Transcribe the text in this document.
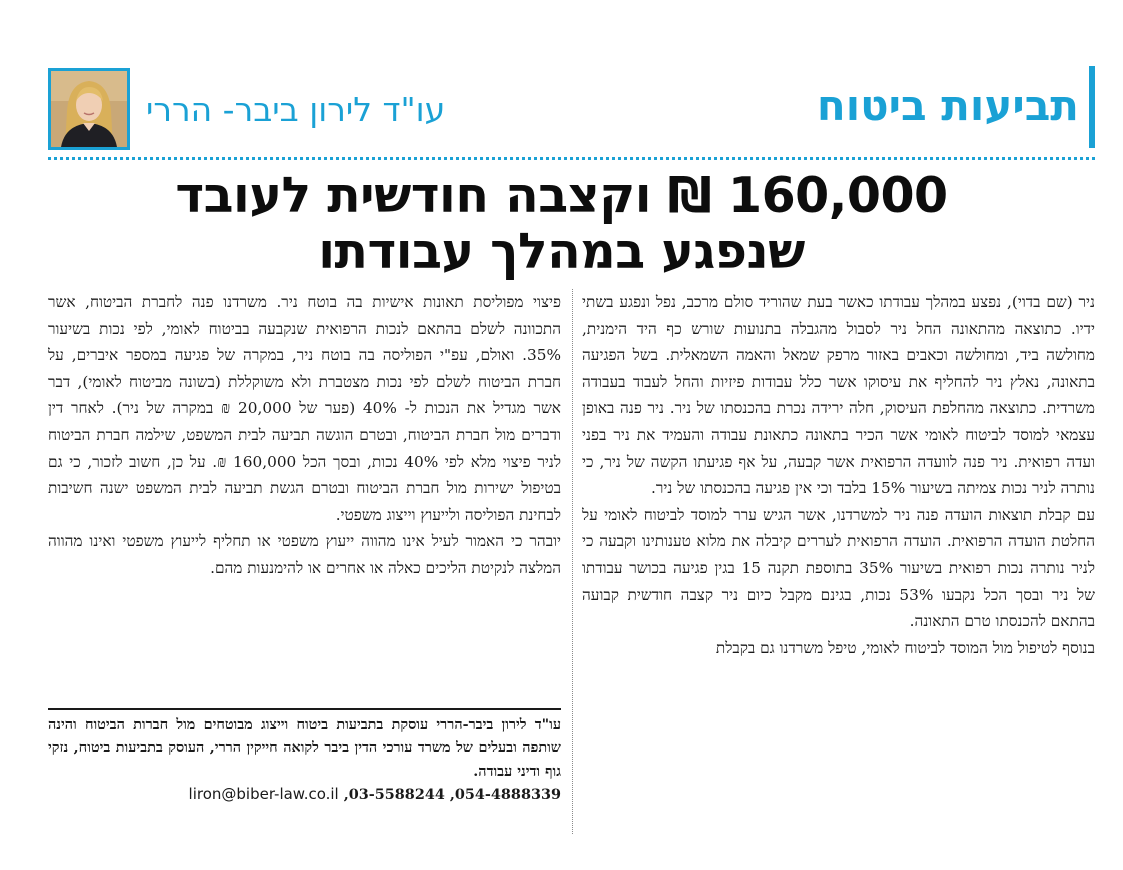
תביעות ביטוח
עו"ד לירון ביבר- הררי
160,000 ₪ וקצבה חודשית לעובד
שנפגע במהלך עבודתו

ניר (שם בדוי), נפצע במהלך עבודתו כאשר בעת שהוריד סולם מרכב, נפל ונפגע בשתי ידיו. כתוצאה מהתאונה החל ניר לסבול מהגבלה בתנועות שורש כף היד הימנית, מחולשה ביד, ומחולשה וכאבים באזור מרפק שמאל והאמה השמאלית. בשל הפגיעה בתאונה, נאלץ ניר להחליף את עיסוקו אשר כלל עבודות פיזיות והחל לעבוד בעבודה משרדית. כתוצאה מהחלפת העיסוק, חלה ירידה נכרת בהכנסתו של ניר. ניר פנה באופן עצמאי למוסד לביטוח לאומי אשר הכיר בתאונה כתאונת עבודה והעמיד את ניר בפני ועדה רפואית. ניר פנה לוועדה הרפואית אשר קבעה, על אף פגיעתו הקשה של ניר, כי נותרה לניר נכות צמיתה בשיעור 15% בלבד וכי אין פגיעה בהכנסתו של ניר.

עם קבלת תוצאות הועדה פנה ניר למשרדנו, אשר הגיש ערר למוסד לביטוח לאומי על החלטת הועדה הרפואית. הועדה הרפואית לעררים קיבלה את מלוא טענותינו וקבעה כי לניר נותרה נכות רפואית בשיעור 35% בתוספת תקנה 15 בגין פגיעה בכושר עבודתו של ניר ובסך הכל נקבעו 53% נכות, בגינם מקבל כיום ניר קצבה חודשית קבועה בהתאם להכנסתו טרם התאונה.

בנוסף לטיפול מול המוסד לביטוח לאומי, טיפל משרדנו גם בקבלת

פיצוי מפוליסת תאונות אישיות בה בוטח ניר. משרדנו פנה לחברת הביטוח, אשר התכוונה לשלם בהתאם לנכות הרפואית שנקבעה בביטוח לאומי, לפי נכות בשיעור 35%. ואולם, עפ"י הפוליסה בה בוטח ניר, במקרה של פגיעה במספר איברים, על חברת הביטוח לשלם לפי נכות מצטברת ולא משוקללת (בשונה מביטוח לאומי), דבר אשר מגדיל את הנכות ל- 40% (פער של 20,000 ₪ במקרה של ניר). לאחר דין ודברים מול חברת הביטוח, ובטרם הוגשה תביעה לבית המשפט, שילמה חברת הביטוח לניר פיצוי מלא לפי 40% נכות, ובסך הכל 160,000 ₪. על כן, חשוב לזכור, כי גם בטיפול ישירות מול חברת הביטוח ובטרם הגשת תביעה לבית המשפט ישנה חשיבות לבחינת הפוליסה ולייעוץ וייצוג משפטי.

יובהר כי האמור לעיל אינו מהווה ייעוץ משפטי או תחליף לייעוץ משפטי ואינו מהווה המלצה לנקיטת הליכים כאלה או אחרים או להימנעות מהם.

עו"ד לירון ביבר-הררי עוסקת בתביעות ביטוח וייצוג מבוטחים מול חברות הביטוח והינה שותפה ובעלים של משרד עורכי הדין ביבר לקואה חייקין הררי, העוסק בתביעות ביטוח, נזקי גוף ודיני עבודה.

054-4888339, 03-5588244, liron@biber-law.co.il
